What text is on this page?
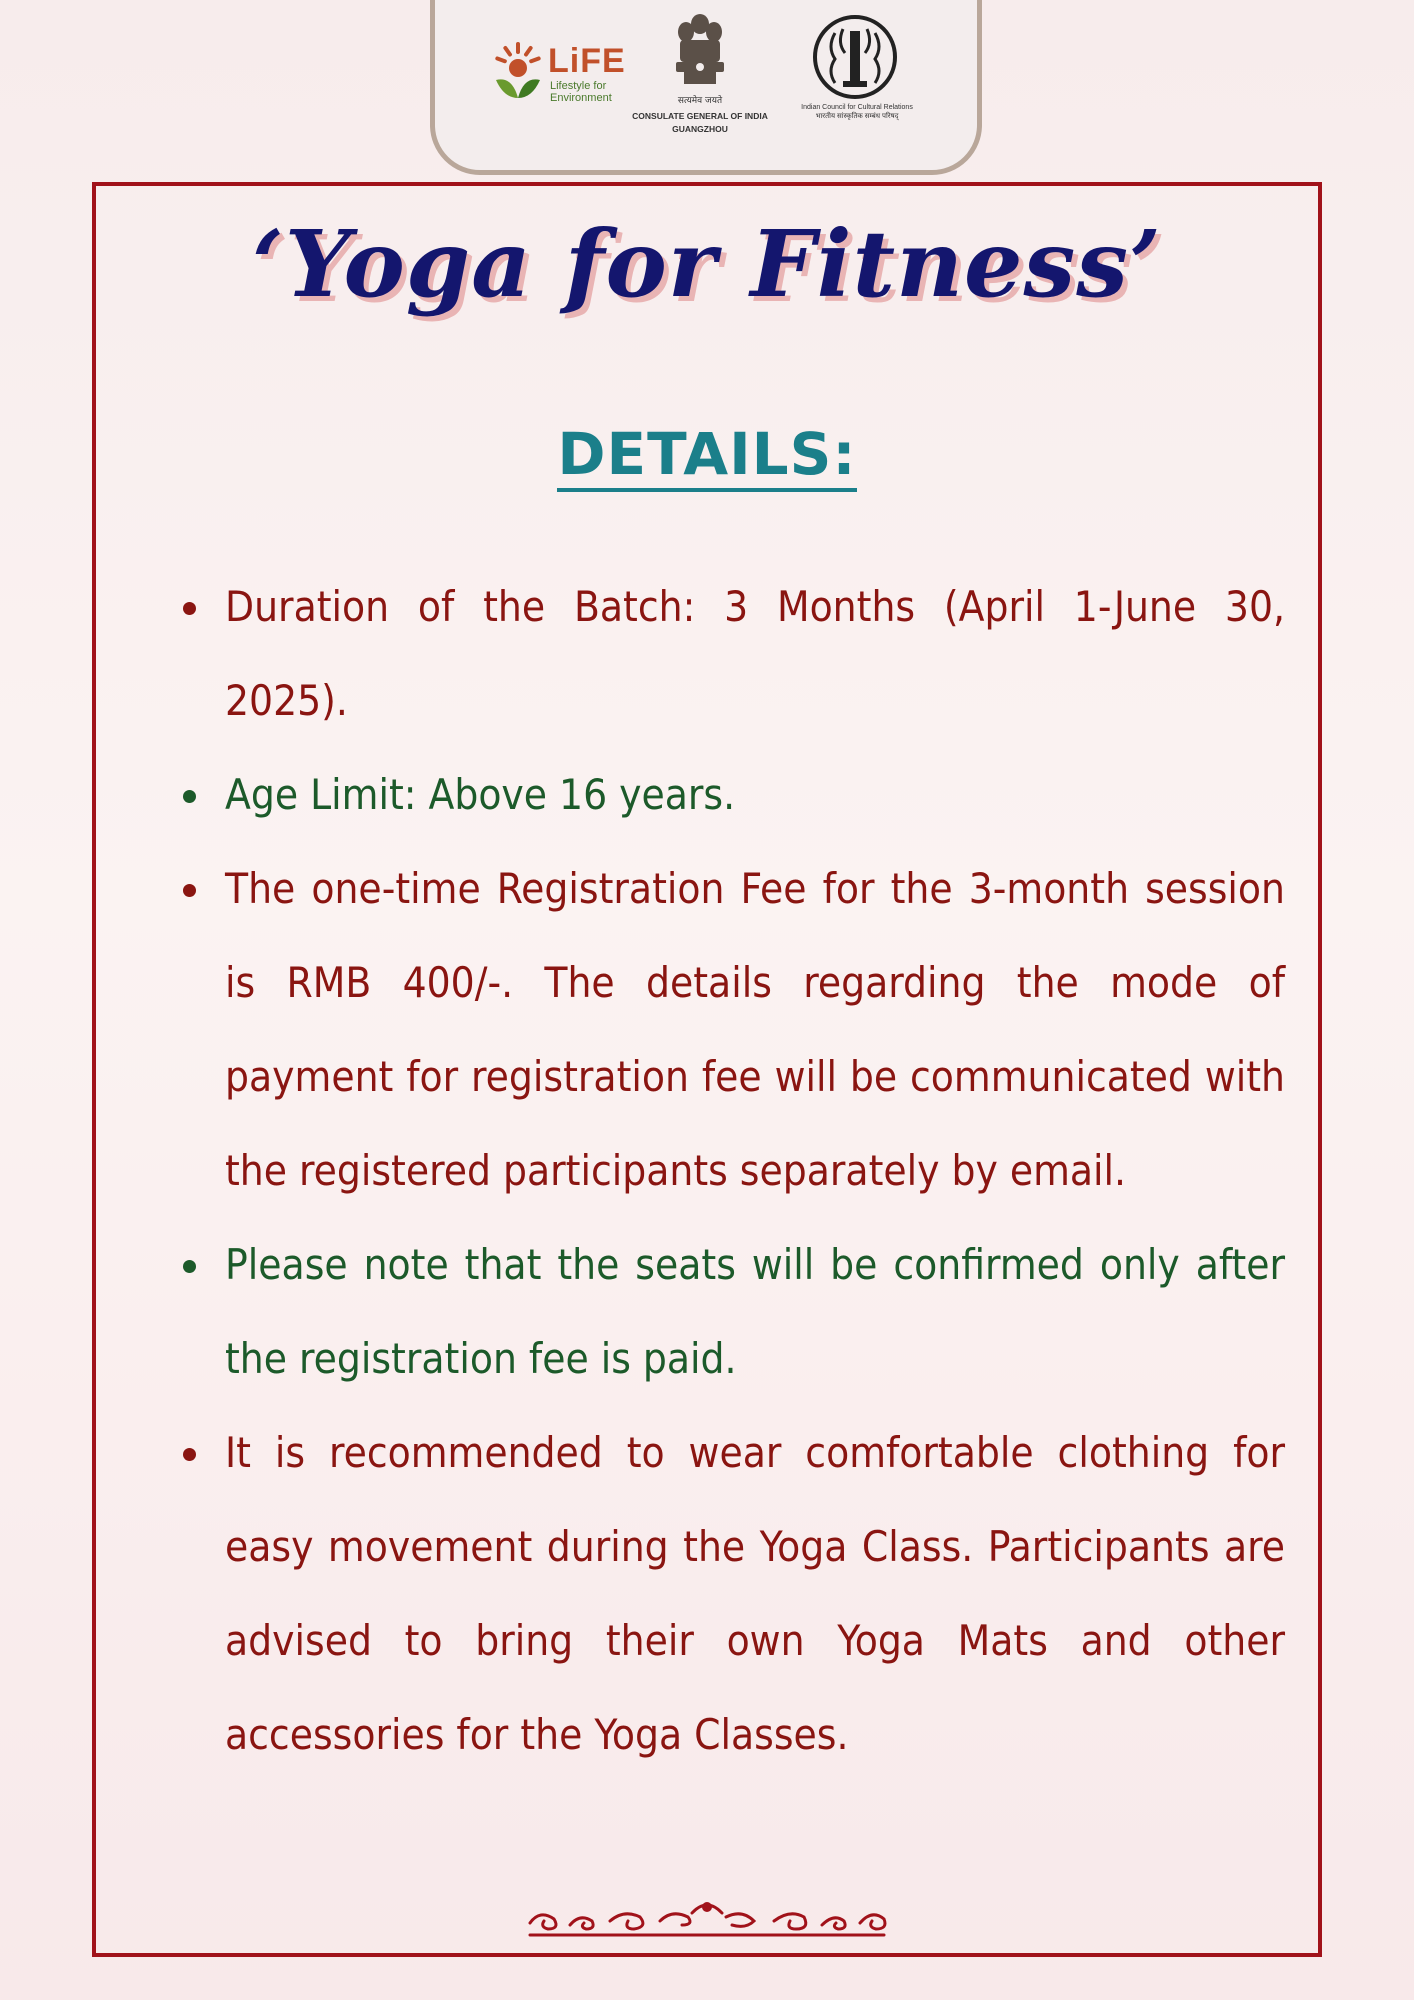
LiFE
Lifestyle for Environment	सत्यमेव जयते
CONSULATE GENERAL OF INDIA
GUANGZHOU
Indian Council for Cultural Relations
भारतीय सांस्कृतिक सम्बंध परिषद्
‘Yoga for Fitness’
DETAILS:
Duration of the Batch: 3 Months (April 1-June 30, 2025).
Age Limit: Above 16 years.
The one-time Registration Fee for the 3-month session is RMB 400/-. The details regarding the mode of payment for registration fee will be communicated with the registered participants separately by email.
Please note that the seats will be confirmed only after the registration fee is paid.
It is recommended to wear comfortable clothing for easy movement during the Yoga Class. Participants are advised to bring their own Yoga Mats and other accessories for the Yoga Classes.
